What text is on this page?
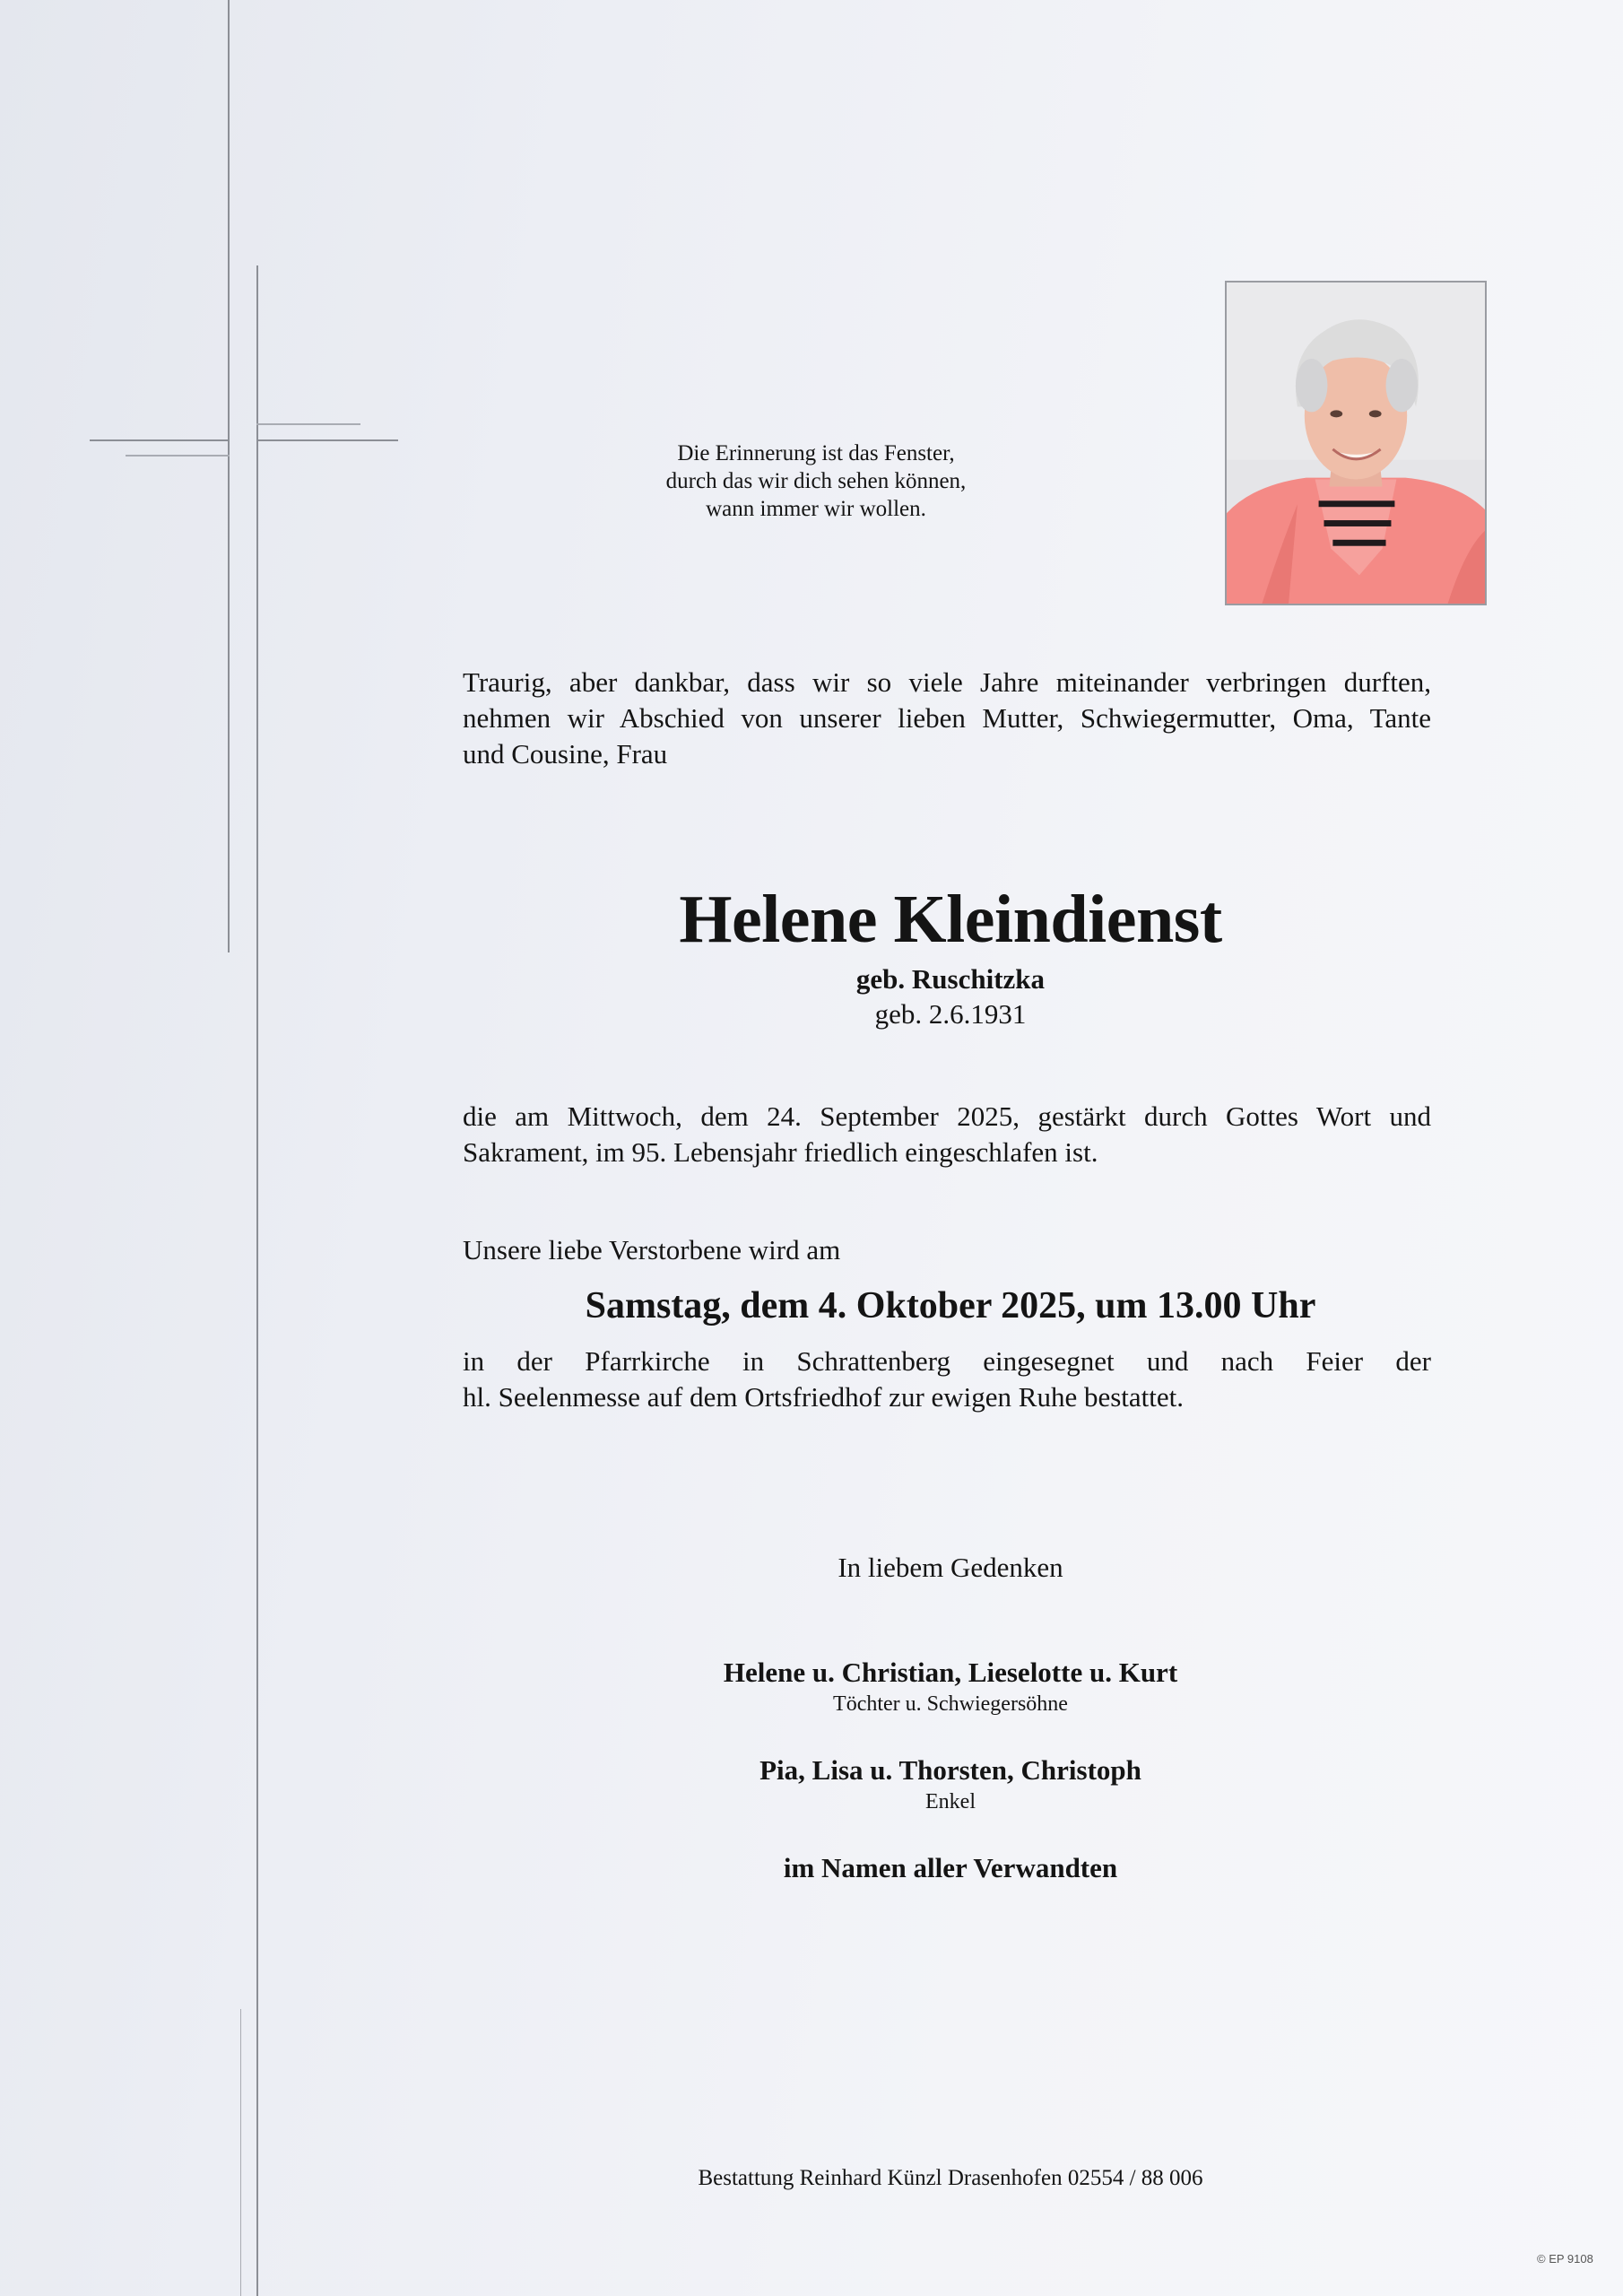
Die Erinnerung ist das Fenster,
durch das wir dich sehen können,
wann immer wir wollen.
Traurig, aber dankbar, dass wir so viele Jahre miteinander verbringen durften,
nehmen wir Abschied von unserer lieben Mutter, Schwiegermutter, Oma, Tante
und Cousine, Frau
Helene Kleindienst
geb. Ruschitzka
geb. 2.6.1931
die am Mittwoch, dem 24. September 2025, gestärkt durch Gottes Wort und
Sakrament, im 95. Lebensjahr friedlich eingeschlafen ist.
Unsere liebe Verstorbene wird am
Samstag, dem 4. Oktober 2025, um 13.00 Uhr
in der Pfarrkirche in Schrattenberg eingesegnet und nach Feier der
hl. Seelenmesse auf dem Ortsfriedhof zur ewigen Ruhe bestattet.
In liebem Gedenken
Helene u. Christian, Lieselotte u. Kurt
Töchter u. Schwiegersöhne
Pia, Lisa u. Thorsten, Christoph
Enkel
im Namen aller Verwandten
Bestattung Reinhard Künzl Drasenhofen 02554 / 88 006
© EP 9108
